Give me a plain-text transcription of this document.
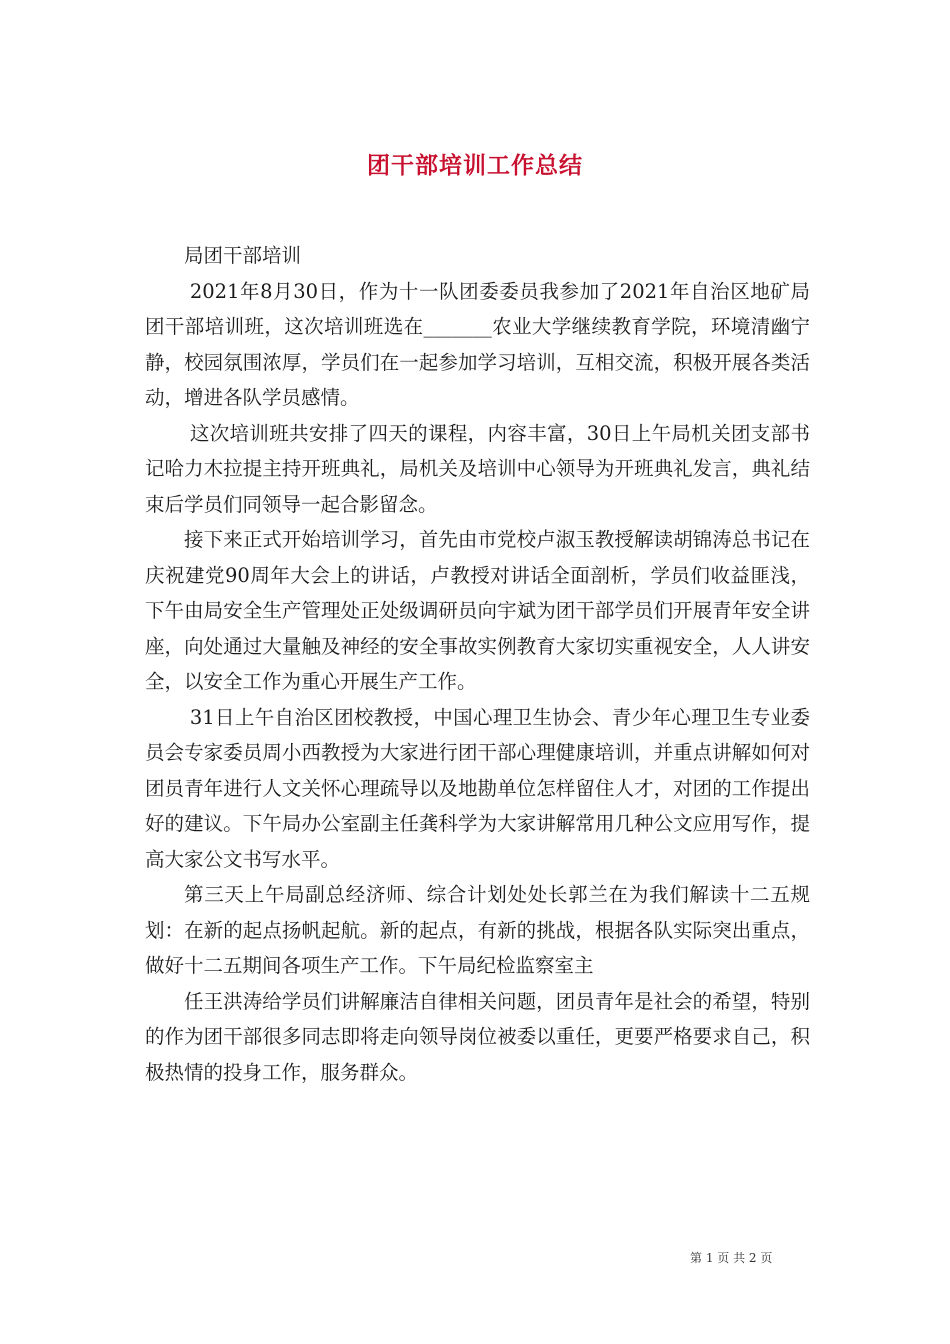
团干部培训工作总结

局团干部培训

2021年8月30日，作为十一队团委委员我参加了2021年自治区地矿局团干部培训班，这次培训班选在_______农业大学继续教育学院，环境清幽宁静，校园氛围浓厚，学员们在一起参加学习培训，互相交流，积极开展各类活动，增进各队学员感情。

这次培训班共安排了四天的课程，内容丰富，30日上午局机关团支部书记哈力木拉提主持开班典礼，局机关及培训中心领导为开班典礼发言，典礼结束后学员们同领导一起合影留念。

接下来正式开始培训学习，首先由市党校卢淑玉教授解读胡锦涛总书记在庆祝建党90周年大会上的讲话，卢教授对讲话全面剖析，学员们收益匪浅，下午由局安全生产管理处正处级调研员向宇斌为团干部学员们开展青年安全讲座，向处通过大量触及神经的安全事故实例教育大家切实重视安全，人人讲安全，以安全工作为重心开展生产工作。

31日上午自治区团校教授，中国心理卫生协会、青少年心理卫生专业委员会专家委员周小西教授为大家进行团干部心理健康培训，并重点讲解如何对团员青年进行人文关怀心理疏导以及地勘单位怎样留住人才，对团的工作提出好的建议。下午局办公室副主任龚科学为大家讲解常用几种公文应用写作，提高大家公文书写水平。

第三天上午局副总经济师、综合计划处处长郭兰在为我们解读十二五规划：在新的起点扬帆起航。新的起点，有新的挑战，根据各队实际突出重点，做好十二五期间各项生产工作。下午局纪检监察室主

任王洪涛给学员们讲解廉洁自律相关问题，团员青年是社会的希望，特别的作为团干部很多同志即将走向领导岗位被委以重任，更要严格要求自己，积极热情的投身工作，服务群众。

第 1 页 共 2 页
